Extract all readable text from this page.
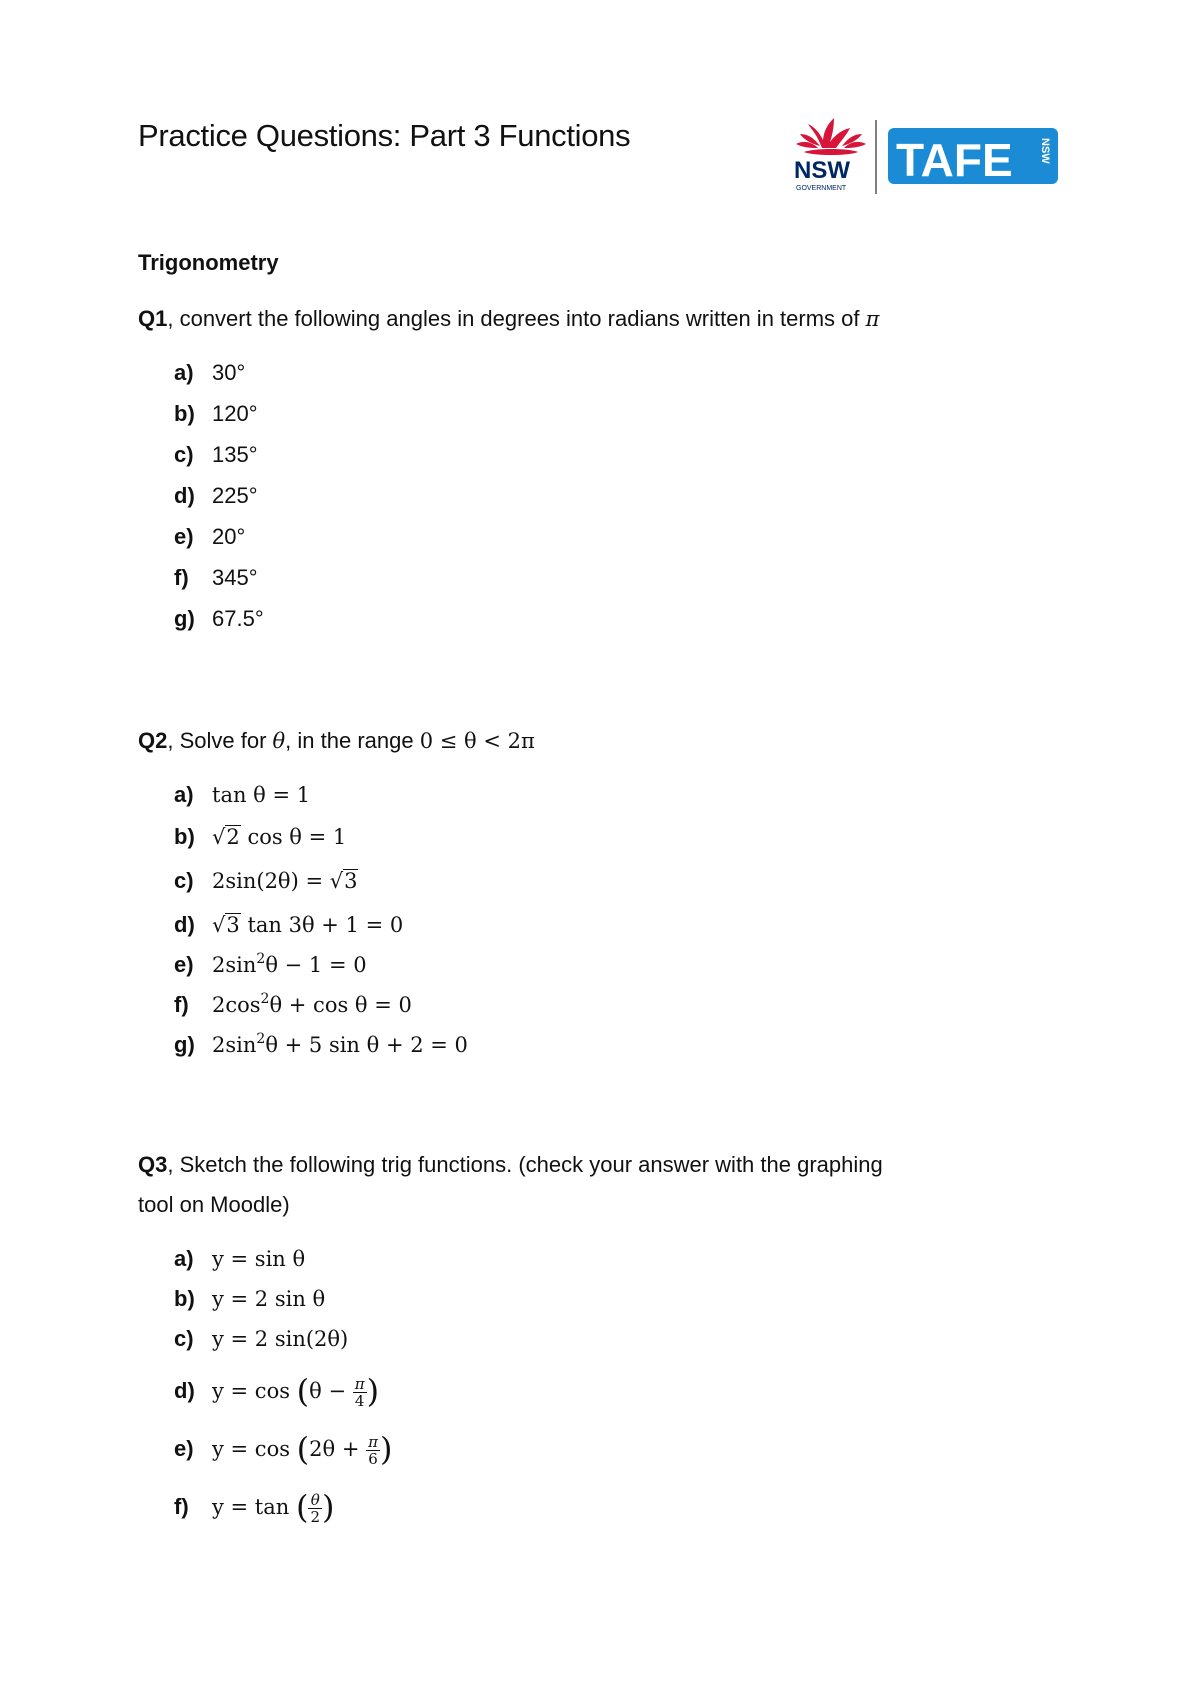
Practice Questions: Part 3 Functions
NSW
GOVERNMENT
TAFE NSW
Trigonometry
Q1, convert the following angles in degrees into radians written in terms of π
a) 30°
b) 120°
c) 135°
d) 225°
e) 20°
f) 345°
g) 67.5°
Q2, Solve for θ, in the range 0 ≤ θ < 2π
a) tan θ = 1
b) √2 cos θ = 1
c) 2sin(2θ) = √3
d) √3 tan 3θ + 1 = 0
e) $2\sin^2\theta - 1 = 0$
f) $2\cos^2\theta + \cos \theta = 0$
g) $2\sin^2\theta + 5$ sin θ + 2 = 0
Q3, Sketch the following trig functions. (check your answer with the graphing
tool on Moodle)
a) y = sin θ
b) y = 2 sin θ
c) y = 2 sin(2θ)
d) $y = \cos (\theta - \frac{\pi}{4}$ )
e) $y = \cos (2\theta + \frac{\pi}{6}$ )
f) y = tan ( $\frac{\theta}{2}$ )
